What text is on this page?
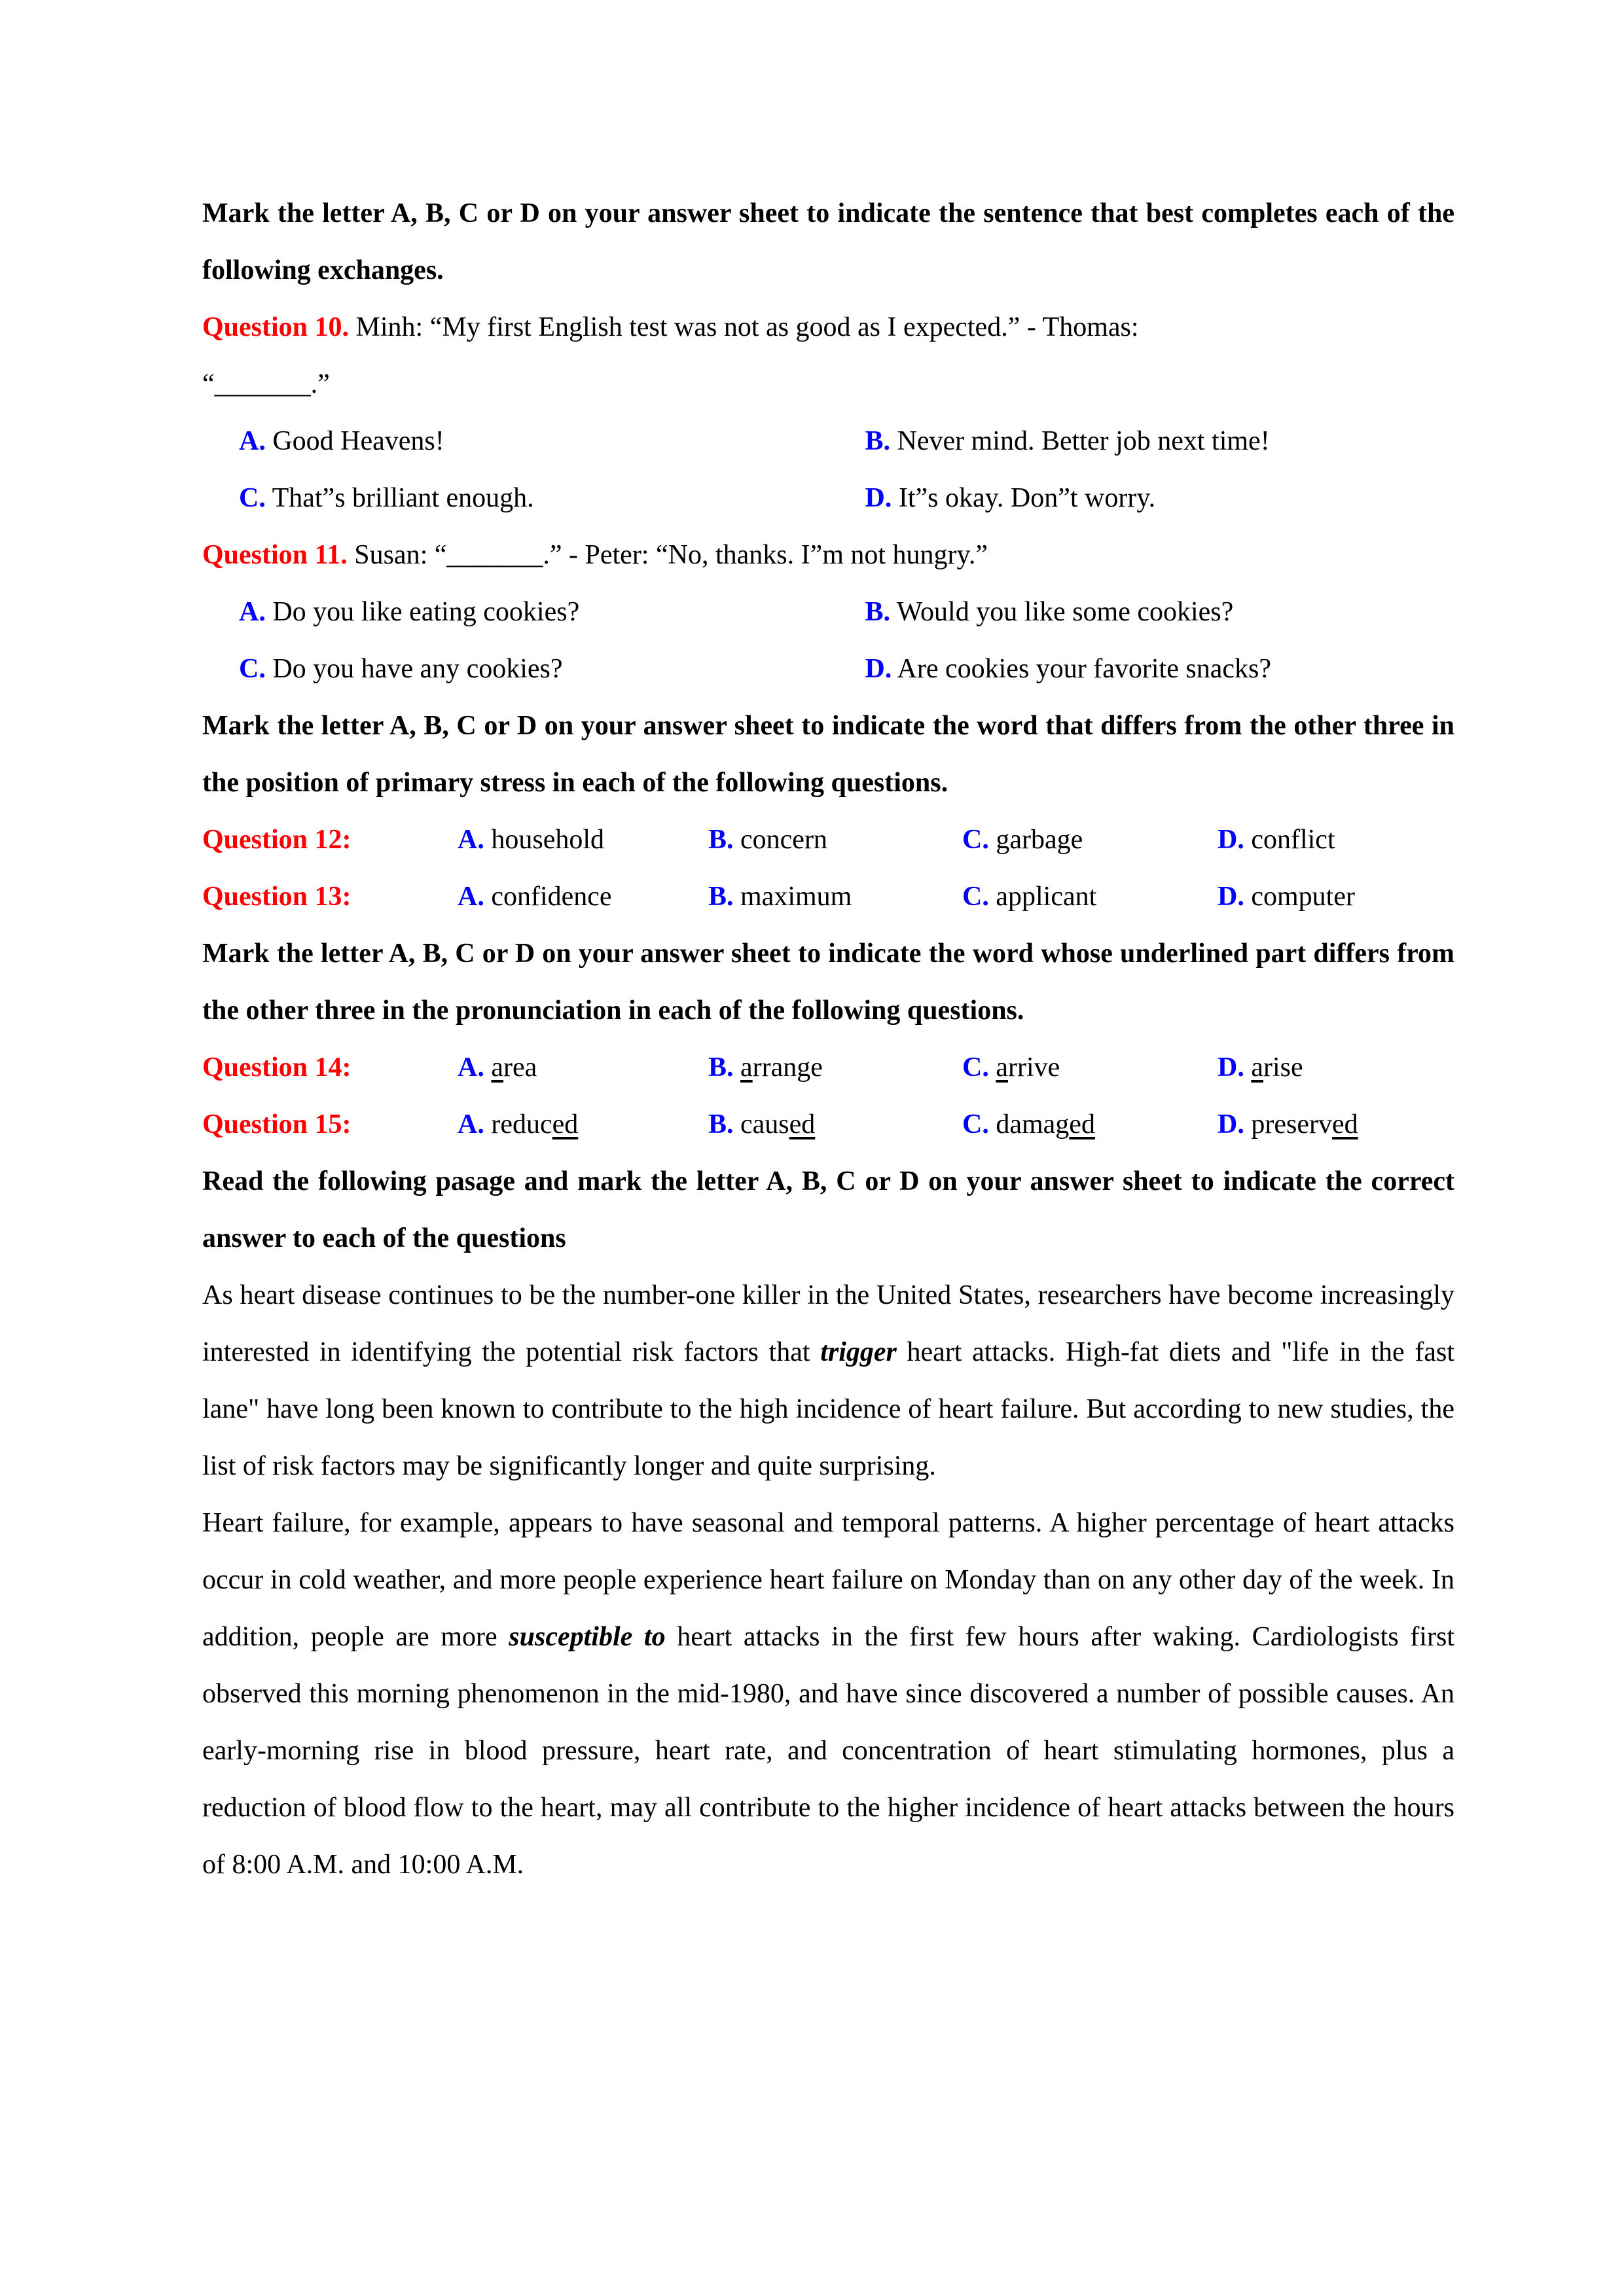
Mark the letter A, B, C or D on your answer sheet to indicate the sentence that best completes each of the following exchanges.

Question 10. Minh: “My first English test was not as good as I expected.” - Thomas:
“_______.”

A. Good Heavens!	B. Never mind. Better job next time!
C. That”s brilliant enough.	D. It”s okay. Don”t worry.

Question 11. Susan: “_______.” - Peter: “No, thanks. I”m not hungry.”

A. Do you like eating cookies?	B. Would you like some cookies?
C. Do you have any cookies?	D. Are cookies your favorite snacks?

Mark the letter A, B, C or D on your answer sheet to indicate the word that differs from the other three in the position of primary stress in each of the following questions.

Question 12:	A. household	B. concern	C. garbage	D. conflict
Question 13:	A. confidence	B. maximum	C. applicant	D. computer

Mark the letter A, B, C or D on your answer sheet to indicate the word whose underlined part differs from the other three in the pronunciation in each of the following questions.

Question 14:	A. area	B. arrange	C. arrive	D. arise
Question 15:	A. reduced	B. caused	C. damaged	D. preserved

Read the following pasage and mark the letter A, B, C or D on your answer sheet to indicate the correct answer to each of the questions

As heart disease continues to be the number-one killer in the United States, researchers have become increasingly interested in identifying the potential risk factors that trigger heart attacks. High-fat diets and "life in the fast lane" have long been known to contribute to the high incidence of heart failure. But according to new studies, the list of risk factors may be significantly longer and quite surprising.

Heart failure, for example, appears to have seasonal and temporal patterns. A higher percentage of heart attacks occur in cold weather, and more people experience heart failure on Monday than on any other day of the week. In addition, people are more susceptible to heart attacks in the first few hours after waking. Cardiologists first observed this morning phenomenon in the mid-1980, and have since discovered a number of possible causes. An early-morning rise in blood pressure, heart rate, and concentration of heart stimulating hormones, plus a reduction of blood flow to the heart, may all contribute to the higher incidence of heart attacks between the hours of 8:00 A.M. and 10:00 A.M.
